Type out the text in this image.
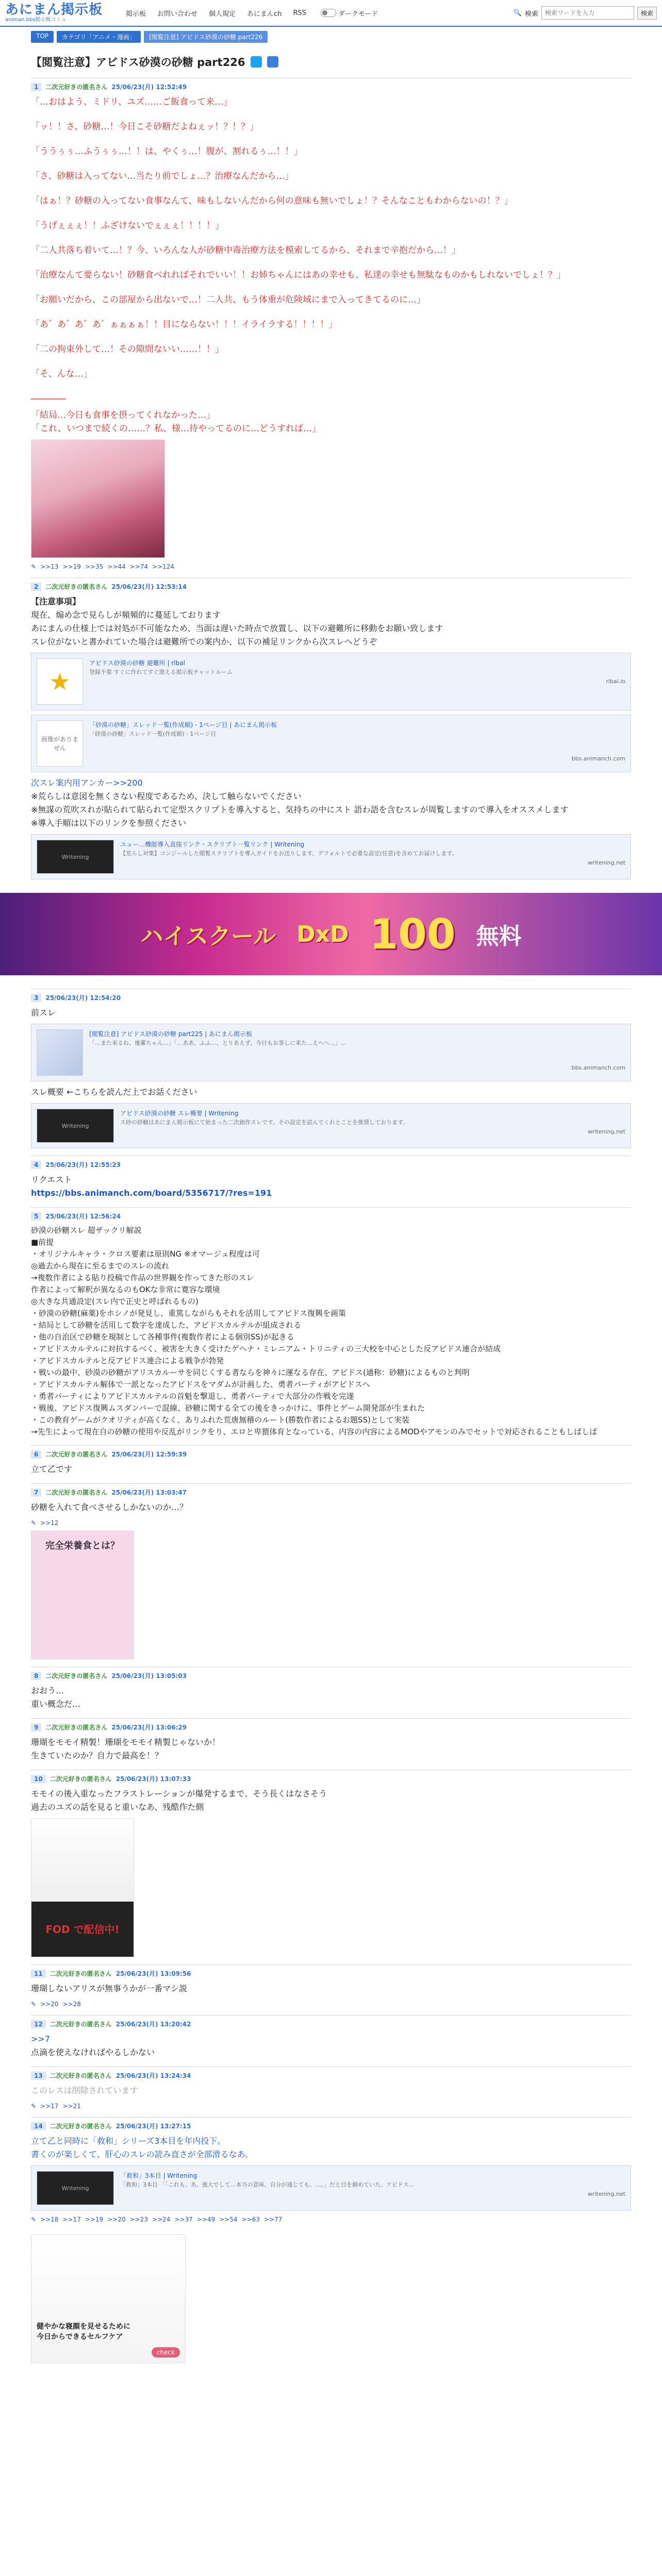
あにまん掲示板
animan bbs掲示板コミュ
掲示板 お問い合わせ 個人規定 あにまんch RSS	ダークモード	🔍 検索
検索ワードを入力	検索
TOP	カテゴリ「アニメ・漫画」	[閲覧注意] アビドス砂漠の砂糖 part226
【閲覧注意】アビドス砂漠の砂糖 part226
1	二次元好きの匿名さん 25/06/23(月) 12:52:49

「…おはよう、ミドリ、ユズ……ご飯食って来…」

「ッ！！さ、砂糖…！今日こそ砂糖だよねぇッ！？！？」

「ううぅぅ…ふうぅぅ…！！は、やくぅ…！腹が、割れるぅ…！！」

「さ、砂糖は入ってない…当たり前でしょ…？治療なんだから…」

「はぁ！？砂糖の入ってない食事なんて、味もしないんだから何の意味も無いでしょ！？そんなこともわからないの！？」

「うげぇぇぇ！！ふざけないでぇぇぇ！！！！」

「二人共落ち着いて…！？今、いろんな人が砂糖中毒治療方法を模索してるから、それまで辛抱だから…！」

「治療なんて要らない！砂糖食べれればそれでいい！！お姉ちゃんにはあの幸せも、私達の幸せも無駄なものかもしれないでしょ！？」

「お願いだから、この部屋から出ないで…！二人共、もう体重が危険域にまで入ってきてるのに…」

「あ゛あ゛あ゛あ゛ぁぁぁぁ！！目にならない！！！イライラする！！！！」

「二の拘束外して…！その隙間ないい……！！」

「そ、んな…」

――――

「結局…今日も食事を摂ってくれなかった…」

「これ、いつまで続くの……？私、様…待やってるのに…どうすれば…」

✎ >>13 >>19 >>35 >>44 >>74 >>124
2	二次元好きの匿名さん 25/06/23(月) 12:53:14

【注意事項】

現在、煽め念で見らしが頻頻的に蔓延しております

あにまんの仕様上では対処が不可能なため、当面は遅いた時点で放置し、以下の避難所に移動をお願い致します

スレ位がないと書かれていた場合は避難所での案内か、以下の補足リンクから次スレへどうぞ

★
アビドス砂漠の砂糖 避難所 | rlbal
登録不要 すぐに作れてすぐ遊える掲示板チャットルーム
rlbal.io
画像がありません
「砂漠の砂糖」スレッド一覧(作成順) - 1ページ目 | あにまん掲示板
「砂漠の砂糖」スレッド一覧(作成順) - 1ページ目
bbs.animanch.com

次スレ案内用アンカー>>200

※荒らしは意図を無くさない程度であるため、決して触らないでください

※無謀の荒吹スれが貼られて貼られて定型スクリプトを導入すると、気持ちの中にスト 語わ語を含むスレが周覧しますので導入をオススメします

※導入手順は以下のリンクを参照ください

Writening
ユュー…機能導入直接リンク・スクリプト一覧リンク | Writening
【荒らし対策】コンジールした閲覧スクリプトを導入ガイドをお送りします。デフォルトで必要な設定(任意)を含めてお届けします。
writening.net
ハイスクール DxD 100 無料
3	25/06/23(月) 12:54:20

前スレ

[閲覧注意] アビドス砂漠の砂糖 part225 | あにまん掲示板
「…また来るね、後輩ちゃん…」「…ああ、ふふ…、とりあえず、今日もお茶しに来た…えへへ…」…
bbs.animanch.com

スレ概要 ←こちらを読んだ上でお話ください

Writening
アビドス砂漠の砂糖 スレ概要 | Writening
ス砂の砂糖はあにまん掲示板にて始まった二次創作スレです。その設定を読んでくれとことを推奨しております。
writening.net
4	25/06/23(月) 12:55:23

リクエスト

https://bbs.animanch.com/board/5356717/?res=191

5	25/06/23(月) 12:56:24

砂漠の砂糖スレ 超ザックリ解説

■前提

・オリジナルキャラ・クロス要素は原則NG ※オマージュ程度は可

◎過去から現在に至るまでのスレの流れ

→複数作者による貼り投稿で作品の世界観を作ってきた形のスレ

作者によって解釈が異なるのもOKな非常に寛容な環境

◎大きな共通設定(スレ内で正史と呼ばれるもの)

・砂漠の砂糖(麻薬)をホシノが発見し、重篤しながらもそれを活用してアビドス復興を画策

・結局として砂糖を活用して数字を達成した、アビドスカルテルが組成される

・他の自治区で砂糖を規制として各種事件(複数作者による個別SS)が起きる

・アビドスカルテルに対抗するべく、被害を大きく受けたゲヘナ・ミレニアム・トリニティの三大校を中心とした反アビドス連合が結成

・アビドスカルテルと反アビドス連合による戦争が勃発

・戦いの最中、砂漠の砂糖がアリスカルーサを同じくする者ならを神々に運なる存在、アビドス(通称：砂糖)によるものと判明

・アビドスカルテル解体で一派となったアビドスをマダムが計画した、勇者パーティがアビドスへ

・勇者パーティによりアビドスカルテルの首魁を撃退し、勇者パーティで大部分の作戦を完遂

・戦後、アビドス復興ムスダンバーで混線、砂糖に関する全ての後をきっかけに、事件とゲーム開発部が生まれた

・この教育ゲームがクオリティが高くなく、ありふれた荒唐無稽のルート(勝数作者によるお題SS)として実装

→先生によって現在自の砂糖の使用や反乱がリンクをり、エロと卑猥体育となっている、内容の内容によるMODやアモンのみでセットで対応されることもしばしば

6	二次元好きの匿名さん 25/06/23(月) 12:59:39

立て乙です

7	二次元好きの匿名さん 25/06/23(月) 13:03:47

砂糖を入れて食べさせるしかないのか…？

✎ >>12
完全栄養食とは？
8	二次元好きの匿名さん 25/06/23(月) 13:05:03

おおう…

重い概念だ…

9	二次元好きの匿名さん 25/06/23(月) 13:06:29

珊瑚をモモイ精製！珊瑚をモモイ精製じゃないか！

生きていたのか？自力で最高を！？

10	二次元好きの匿名さん 25/06/23(月) 13:07:33

モモイの後入重なったフラストレーションが爆発するまで、そう長くはなさそう

過去のユズの話を見ると重いなあ、残酷作た側

FOD で配信中!
11	二次元好きの匿名さん 25/06/23(月) 13:09:56

珊瑚しないアリスが無事うかが一番マシ説

✎ >>20 >>28
12	二次元好きの匿名さん 25/06/23(月) 13:20:42

>>7

点滴を使えなければやるしかない

13	二次元好きの匿名さん 25/06/23(月) 13:24:34

このレスは削除されています

✎ >>17 >>21
14	二次元好きの匿名さん 25/06/23(月) 13:27:15

立て乙と同時に「救和」シリーズ3本目を年内投下。

書くのが楽しくて、肝心のスレの読み直さが全部滑るなあ。

Writening
「救和」3本目 | Writening
「救和」3本目 「「これも、あ、強大でして…本当の意味、自分が通じても、…。」だと目を細めていた。アビドス…
writening.net
✎ >>18 >>17 >>19 >>20 >>23 >>24 >>37 >>49 >>54 >>63 >>77
健やかな寝顔を見せるために
今日からできるセルフケア
check
